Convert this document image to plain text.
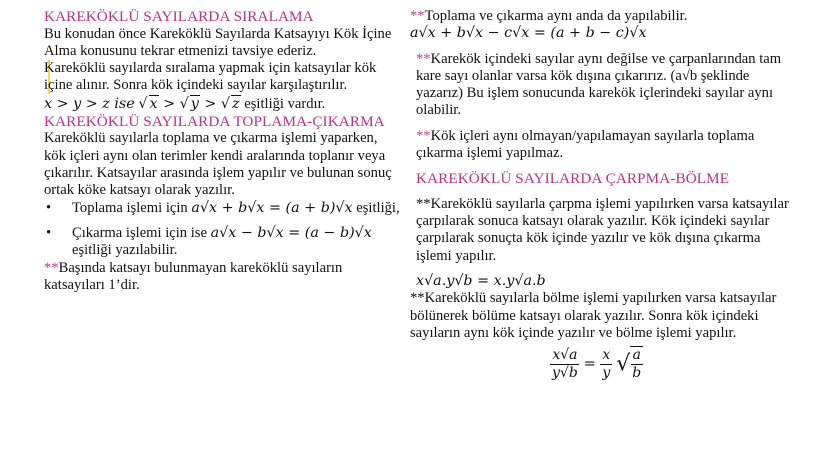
KAREKÖKLÜ SAYILARDA SIRALAMA
Bu konudan önce Kareköklü Sayılarda Katsayıyı Kök İçine Alma konusunu tekrar etmenizi tavsiye ederiz.
Kareköklü sayılarda sıralama yapmak için katsayılar kök içine alınır. Sonra kök içindeki sayılar karşılaştırılır.
x > y > z ise √ x > √ y > √ z eşitliği vardır.
KAREKÖKLÜ SAYILARDA TOPLAMA-ÇIKARMA
Kareköklü sayılarla toplama ve çıkarma işlemi yaparken, kök içleri aynı olan terimler kendi aralarında toplanır veya çıkarılır. Katsayılar arasında işlem yapılır ve bulunan sonuç ortak köke katsayı olarak yazılır.
• Toplama işlemi için a√x + b√x = (a + b)√x eşitliği,
• Çıkarma işlemi için ise a√x − b√x = (a − b)√x eşitliği yazılabilir.
**Başında katsayı bulunmayan kareköklü sayıların katsayıları 1’dir.
**Toplama ve çıkarma aynı anda da yapılabilir.
a√x + b√x − c√x = (a + b − c)√x
**Karekök içindeki sayılar aynı değilse ve çarpanlarından tam kare sayı olanlar varsa kök dışına çıkarırız. (a√b şeklinde yazarız) Bu işlem sonucunda karekök içlerindeki sayılar aynı olabilir.
**Kök içleri aynı olmayan/yapılamayan sayılarla toplama çıkarma işlemi yapılmaz.
KAREKÖKLÜ SAYILARDA ÇARPMA-BÖLME
**Kareköklü sayılarla çarpma işlemi yapılırken varsa katsayılar çarpılarak sonuca katsayı olarak yazılır. Kök içindeki sayılar çarpılarak sonuçta kök içinde yazılır ve kök dışına çıkarma işlemi yapılır.
x√a.y√b = x.y√a.b
**Kareköklü sayılarla bölme işlemi yapılırken varsa katsayılar bölünerek bölüme katsayı olarak yazılır. Sonra kök içindeki sayıların aynı kök içinde yazılır ve bölme işlemi yapılır.
$\frac{x√a}{y√b} = \frac{x}{y}$ √ $\frac{a}{b}$
